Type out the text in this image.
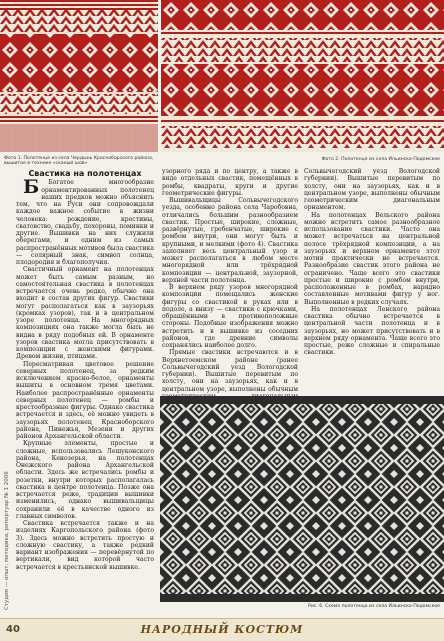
Фото 1. Полотенце из села Чердынь Красноборского района, вышитое в технике «сканый шов»
Фото 2. Полотенце из села Ильинско-Подомское
Студия — опыт, методика, репертуар № 1 2006
Свастика на полотенцах

Б Богатое многообразие орнаментированных полотенец наших предков можно объяснить тем, что на Руси они сопровождали каждое важное событие в жизни человека: рождение, крестины, сватовство, свадьбу, похороны, поминки и другие. Вышивки на них служили оберегами, и одним из самых распространённых мотивов была свастика — солярный знак, символ солнца, плодородия и благополучия.

Свастичный орнамент на полотенцах может быть самым разным, но самостоятельная свастика в полотенцах встречается очень редко, обычно она входит в состав других фигур. Свастики могут располагаться как в заузорьях (кромках узоров), так и в центральном узоре полотенца. На многорядных композициях она также могла быть не видна в ряду подобных ей. В орнаменте узоров свастика могла присутствовать в композиции с женскими фигурами. Древом жизни, птицами.

Пересматривая цветовое решение северных полотенец, за редким исключением красно-белое, орнаменты вышиты в основном тремя цветами. Наиболее распространённые орнаменты северных полотенец — ромбы и крестообразные фигуры. Однако свастика встречается и здесь, её можно увидеть в заузорьях полотенец Красноборского района, Пинежья, Мезени и других районов Архангельской области.

Крупные элементы, простые и сложные, использовались Лешуконского района, Кенозерья, на полотенцах Онежского района Архангельской области. Здесь же встречались ромбы и розетки, внутри которых располагалась свастика в центре полотенца. Позже она встречается реже, традиции вышивки изменились, однако вышивальщицы сохранили её в качестве одного из главных символов.

Свастика встречается также и на изделиях Каргопольского района (фото 3). Здесь можно встретить простую и сложную свастику, а также редкий вариант изображения — перевёрнутой по вертикали, вид которой часто встречается в крестьянской вышивке.

узорного ряда и по центру, а также в виде отдельных свастик, помещённых в ромбы, квадраты, круги и другие геометрические фигуры.

Вышивальщицы Сольвычегодского уезда, особенно района села Чаробовна, отличались большим разнообразием свастик. Простые, широкие, сложные, развёрнутые, гребенчатые, широкие с ромбом внутри, они могут быть и крупными, и мелкими (фото 4). Свастика заполняет весь центральный узор и может располагаться в любом месте многорядной или трёхрядной композиции — центральной, заузорной, верхней части полотенца.

В верхнем ряду узоров многорядной композиции помещались женские фигуры со свастикой в руках или в подоле, а внизу — свастики с крючками, обращёнными в противоположные стороны. Подобные изображения можно встретить и в вышивке из соседних районов, где древние символы сохранялись наиболее долго.

Прямые свастики встречаются и в Верхнетоемском районе (ранее Сольвычегодский уезд Вологодской губернии). Вышитые перевитым по холсту, они на заузорьях, как и в центральном узоре, выполнены обычным

Сольвычегодский уезд Вологодской губернии). Вышитые перевитым по холсту, они на заузорьях, как и в центральном узоре, выполнены обычным геометрическим диагональным орнаментом.

На полотенцах Вельского района можно встретить самое разнообразное использование свастики. Часто она может встречаться на центральной полосе трёхрядной композиции, а на заузорьях и верхнем орнаменте этот мотив практически не встречается. Разнообразие свастик этого района не ограничено. Чаще всего это свастики простые и широкие с ромбом внутри, расположенные в ромбах, нарядно составленные мотивами фигур у ног. Выполненные в редких случаях.

На полотенцах Ленского района свастика обычно встречается в центральной части полотенца и в заузорьях, но может присутствовать и в верхнем ряду орнамента. Чаще всего это простые, реже сложные и спиральные свастики.

Рис. 6. Схема полотенца из села Ильинско-Подомское
40	НАРОДНЫЙ КОСТЮМ
